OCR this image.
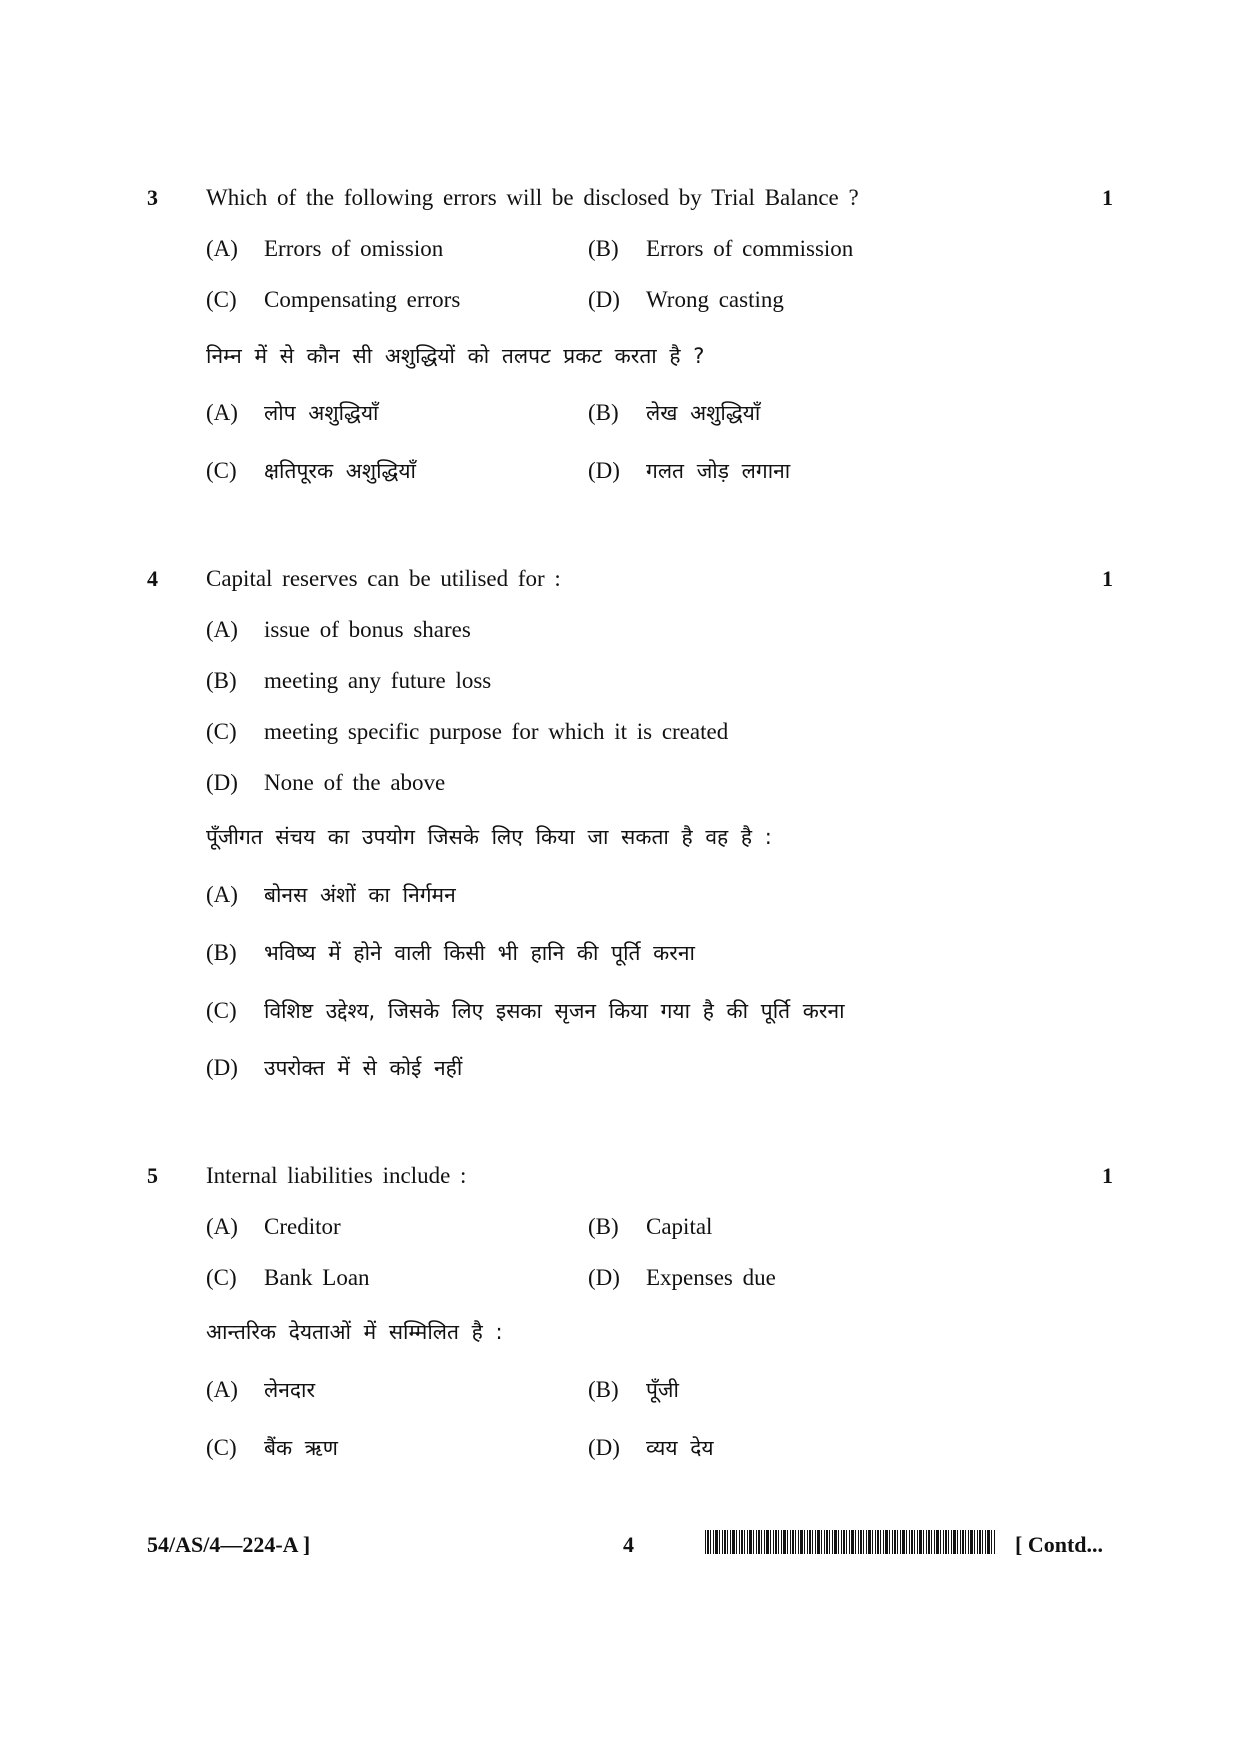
3 Which of the following errors will be disclosed by Trial Balance ?	1
(A) Errors of omission	(B) Errors of commission
(C) Compensating errors	(D) Wrong casting
निम्न में से कौन सी अशुद्धियों को तलपट प्रकट करता है ?
(A) लोप अशुद्धियाँ	(B) लेख अशुद्धियाँ
(C) क्षतिपूरक अशुद्धियाँ	(D) गलत जोड़ लगाना
4 Capital reserves can be utilised for :	1
(A) issue of bonus shares
(B) meeting any future loss
(C) meeting specific purpose for which it is created
(D) None of the above
पूँजीगत संचय का उपयोग जिसके लिए किया जा सकता है वह है :
(A) बोनस अंशों का निर्गमन
(B) भविष्य में होने वाली किसी भी हानि की पूर्ति करना
(C) विशिष्ट उद्देश्य, जिसके लिए इसका सृजन किया गया है की पूर्ति करना
(D) उपरोक्त में से कोई नहीं
5 Internal liabilities include :	1
(A) Creditor	(B) Capital
(C) Bank Loan	(D) Expenses due
आन्तरिक देयताओं में सम्मिलित है :
(A) लेनदार	(B) पूँजी
(C) बैंक ऋण	(D) व्यय देय
54/AS/4—224-A ]	4	[ Contd...
